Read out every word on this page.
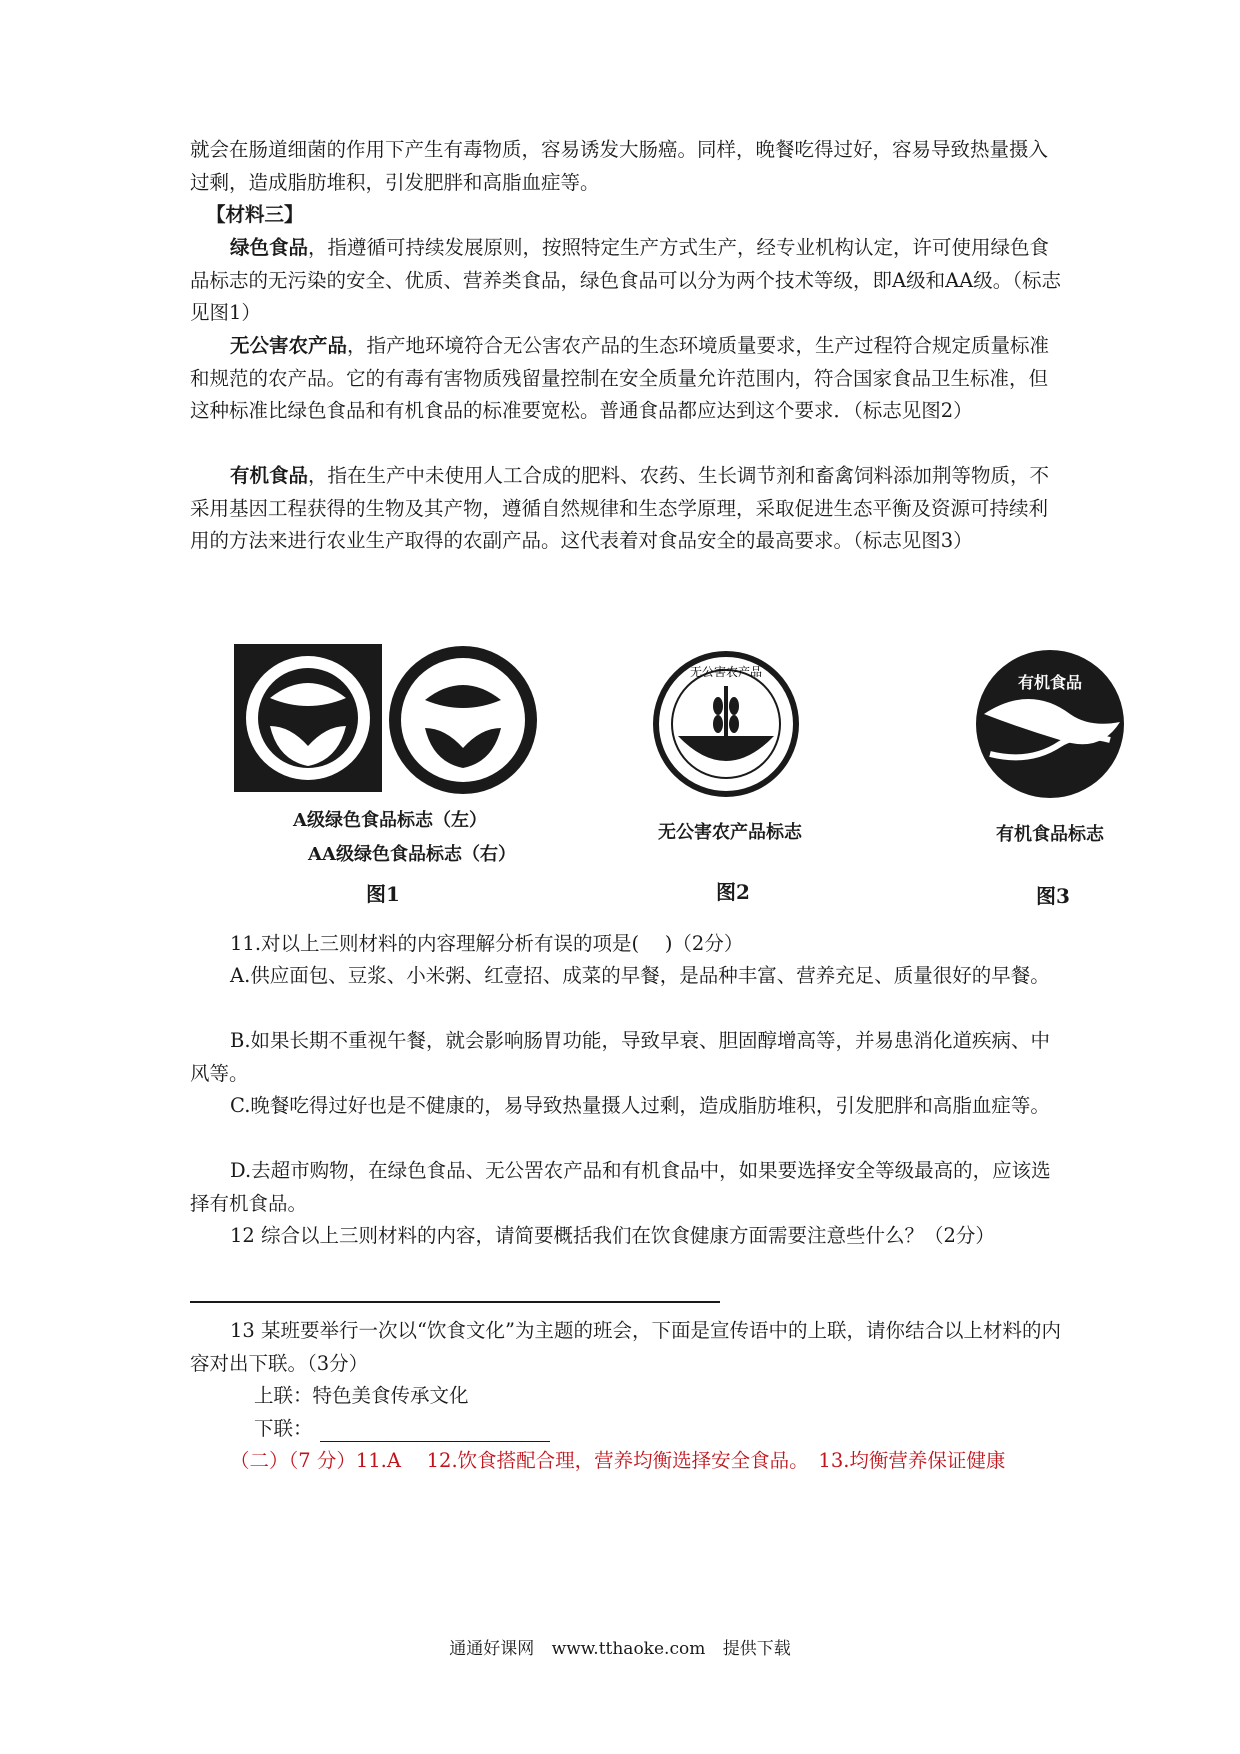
就会在肠道细菌的作用下产生有毒物质，容易诱发大肠癌。同样，晚餐吃得过好，容易导致热量摄入过剩，造成脂肪堆积，引发肥胖和高脂血症等。

【材料三】

绿色食品，指遵循可持续发展原则，按照特定生产方式生产，经专业机构认定，许可使用绿色食品标志的无污染的安全、优质、营养类食品，绿色食品可以分为两个技术等级，即A级和AA级。（标志见图1）

无公害农产品，指产地环境符合无公害农产品的生态环境质量要求，生产过程符合规定质量标准和规范的农产品。它的有毒有害物质残留量控制在安全质量允许范围内，符合国家食品卫生标准，但这种标准比绿色食品和有机食品的标准要宽松。普通食品都应达到这个要求．（标志见图2）

有机食品，指在生产中未使用人工合成的肥料、农药、生长调节剂和畜禽饲料添加荆等物质，不采用基因工程获得的生物及其产物，遵循自然规律和生态学原理，采取促进生态平衡及资源可持续利用的方法来进行农业生产取得的农副产品。这代表着对食品安全的最高要求。（标志见图3）

A级绿色食品标志（左）
AA级绿色食品标志（右）
图1
无公害农产品
无公害农产品标志
图2
有机食品
有机食品标志
图3

11.对以上三则材料的内容理解分析有误的项是(　 )（2分）

A.供应面包、豆浆、小米粥、红壹招、成菜的早餐，是品种丰富、营养充足、质量很好的早餐。

B.如果长期不重视午餐，就会影响肠胃功能，导致早衰、胆固醇增高等，并易患消化道疾病、中风等。

C.晚餐吃得过好也是不健康的，易导致热量摄人过剩，造成脂肪堆积，引发肥胖和高脂血症等。

D.去超市购物，在绿色食品、无公罟农产品和有机食品中，如果要选择安全等级最高的，应该选择有机食品。

12 综合以上三则材料的内容，请简要概括我们在饮食健康方面需要注意些什么？（2分）

13 某班要举行一次以“饮食文化”为主题的班会，下面是宣传语中的上联，请你结合以上材料的内容对出下联。（3分）

上联：特色美食传承文化

下联：

（二）（7 分）11.A　 12.饮食搭配合理，营养均衡选择安全食品。　13.均衡营养保证健康

通通好课网 www.tthaoke.com 提供下载
